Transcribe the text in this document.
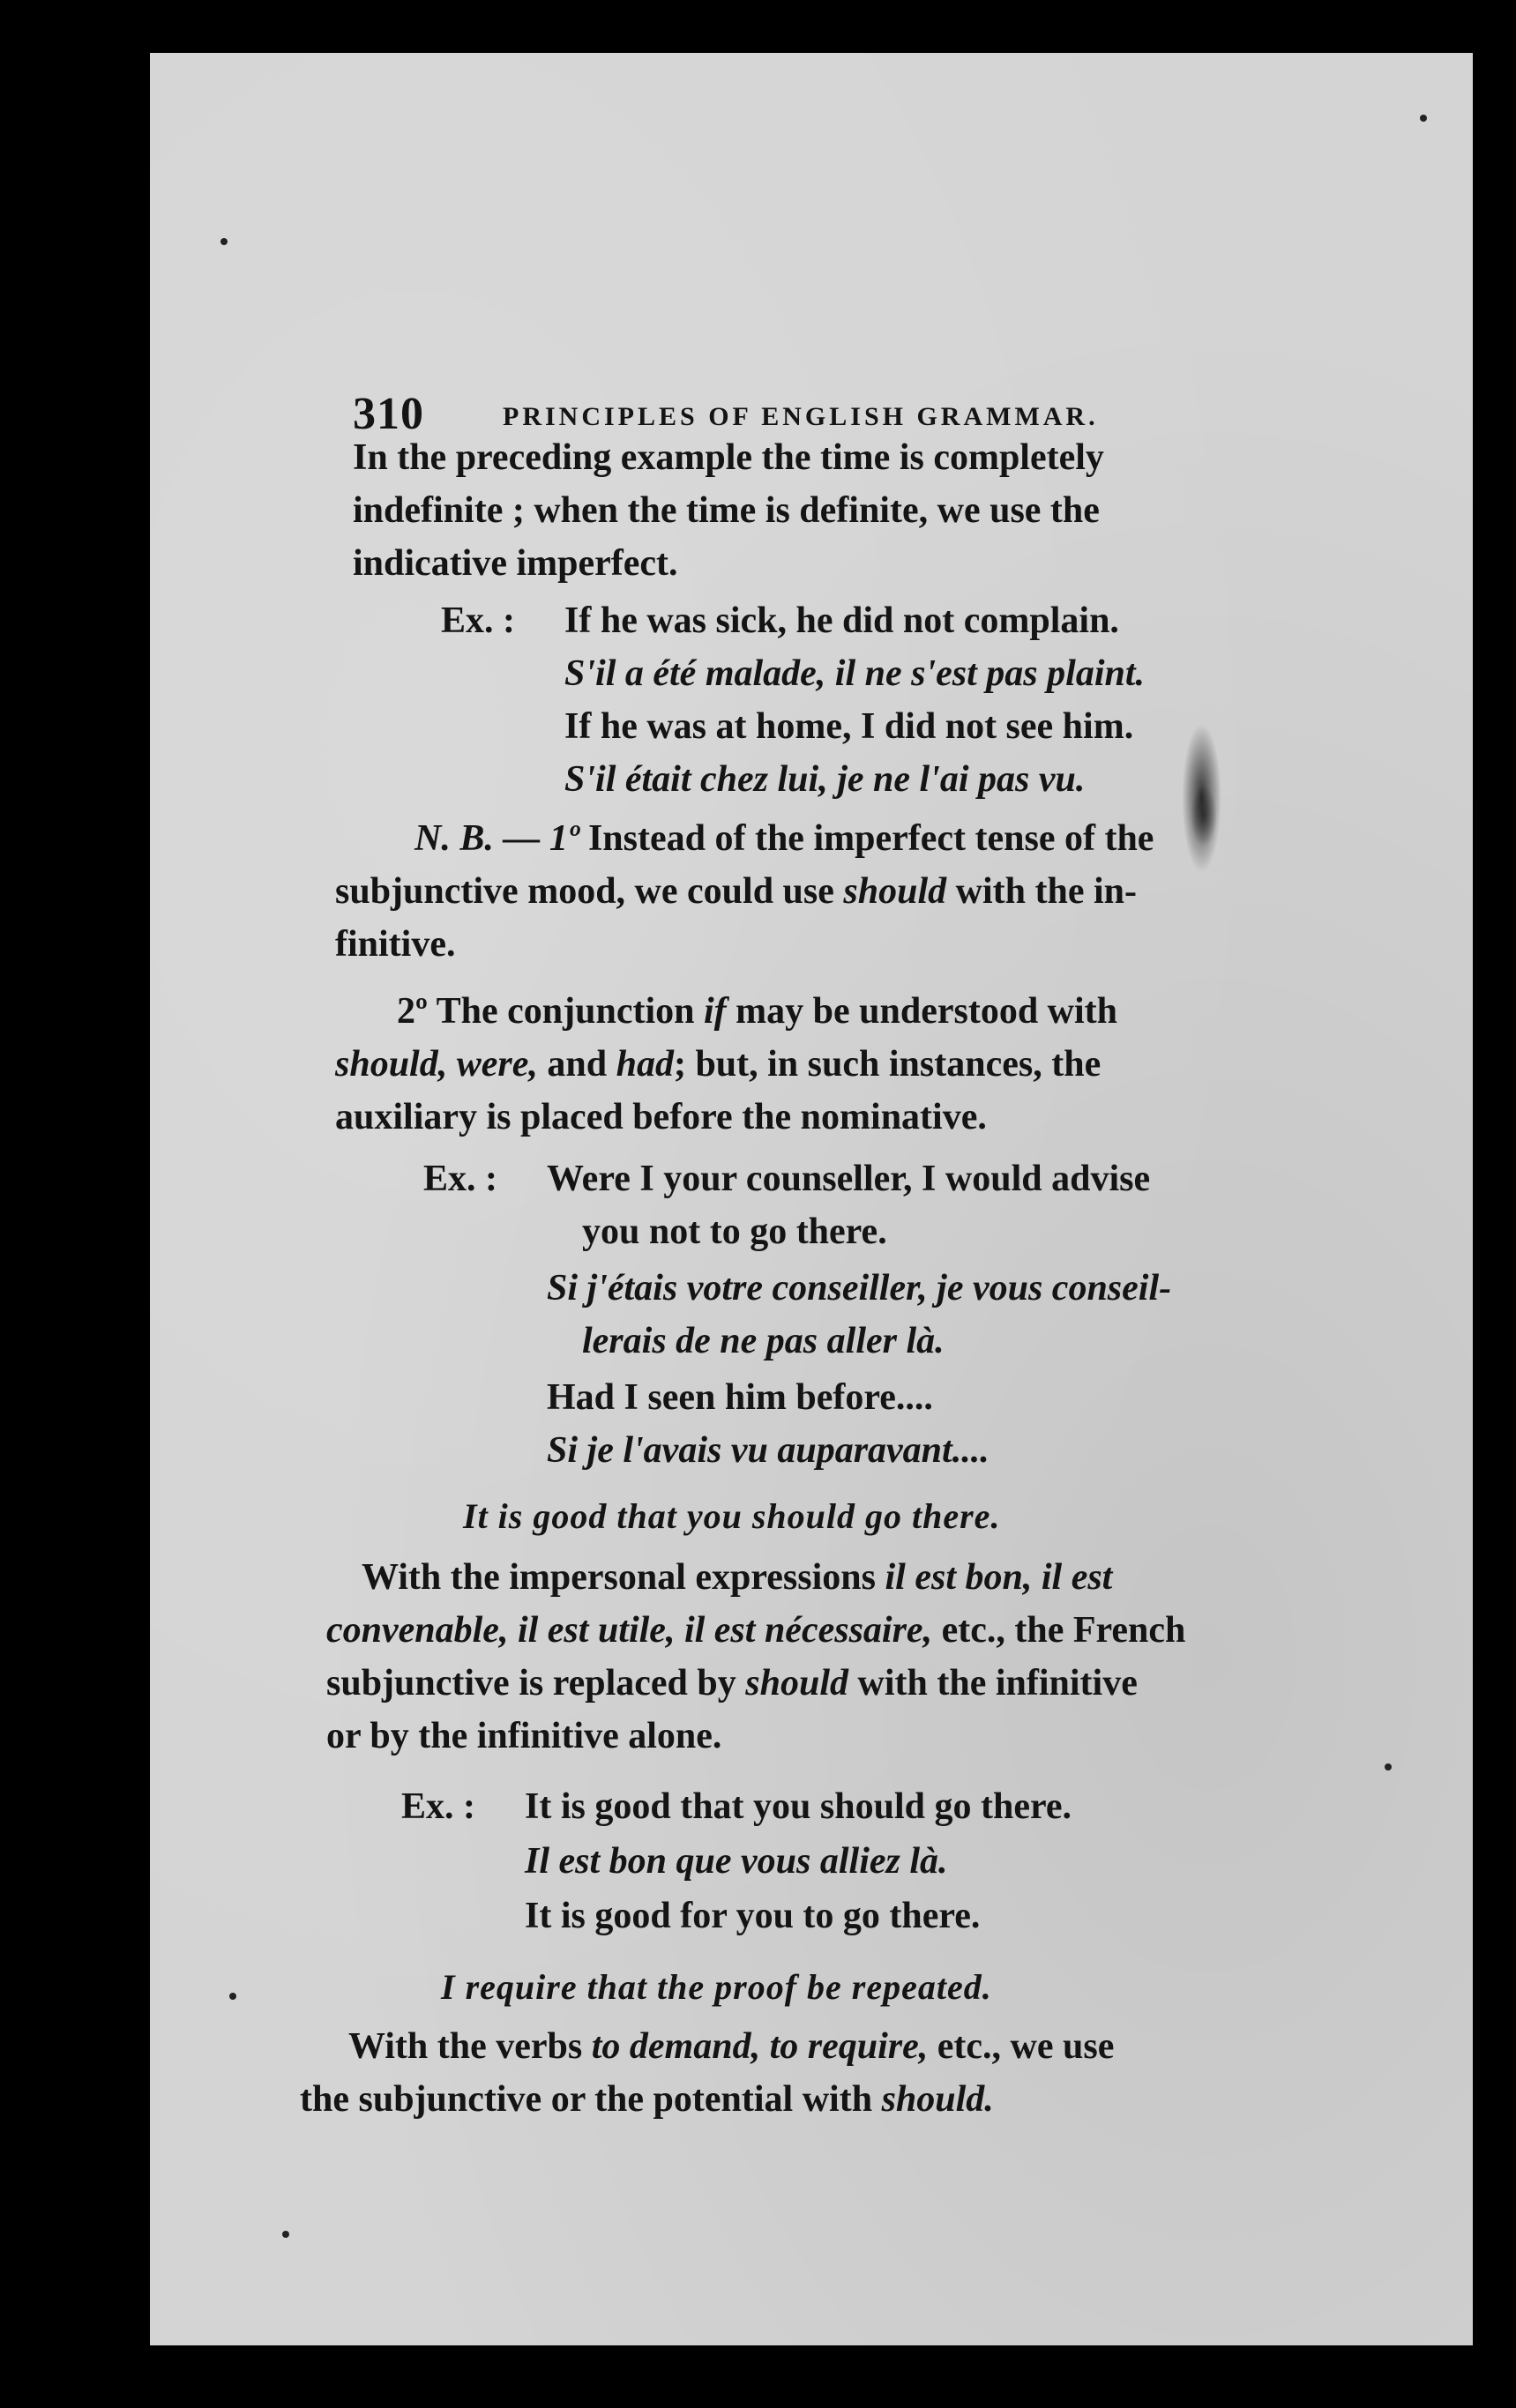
310	PRINCIPLES OF ENGLISH GRAMMAR.
In the preceding example the time is completely
indefinite ; when the time is definite, we use the
indicative imperfect.
Ex. : If he was sick, he did not complain.
S'il a été malade, il ne s'est pas plaint.
If he was at home, I did not see him.
S'il était chez lui, je ne l'ai pas vu.
N. B. — 1º Instead of the imperfect tense of the
subjunctive mood, we could use should with the in-
finitive.
2º The conjunction if may be understood with
should, were, and had; but, in such instances, the
auxiliary is placed before the nominative.
Ex. : Were I your counseller, I would advise
you not to go there.
Si j'étais votre conseiller, je vous conseil-
lerais de ne pas aller là.
Had I seen him before....
Si je l'avais vu auparavant....
It is good that you should go there.
With the impersonal expressions il est bon, il est
convenable, il est utile, il est nécessaire, etc., the French
subjunctive is replaced by should with the infinitive
or by the infinitive alone.
Ex. : It is good that you should go there.
Il est bon que vous alliez là.
It is good for you to go there.
I require that the proof be repeated.
With the verbs to demand, to require, etc., we use
the subjunctive or the potential with should.
